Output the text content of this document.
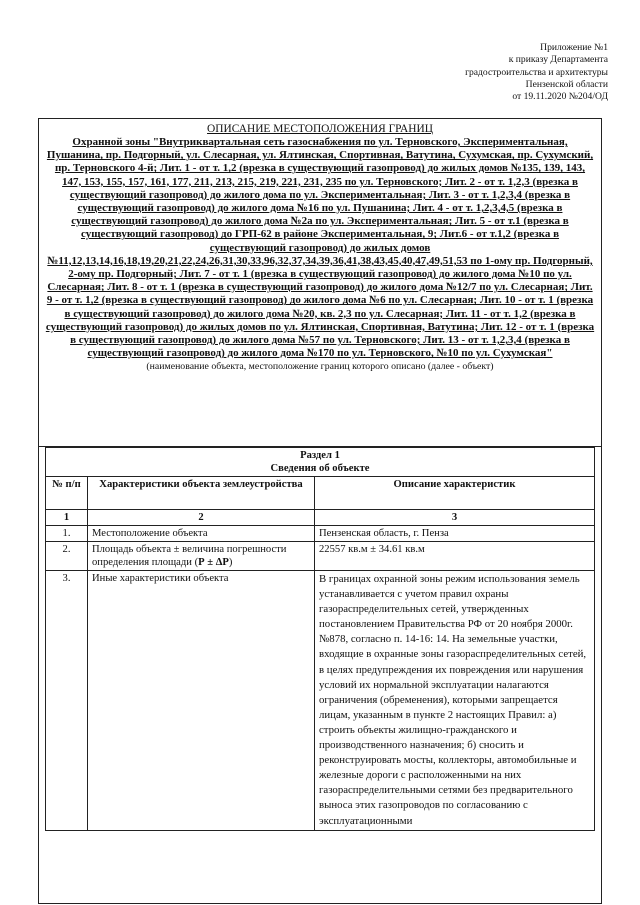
Приложение №1
к приказу Департамента
градостроительства и архитектуры
Пензенской области
от 19.11.2020 №204/ОД
ОПИСАНИЕ МЕСТОПОЛОЖЕНИЯ ГРАНИЦ
Охранной зоны "Внутриквартальная сеть газоснабжения по ул. Терновского, Экспериментальная, Пушанина, пр. Подгорный, ул. Слесарная, ул. Ялтинская, Спортивная, Ватутина, Сухумская, пр. Сухумский, пр. Терновского 4-й; Лит. 1 - от т. 1,2 (врезка в существующий газопровод) до жилых домов №135, 139, 143, 147, 153, 155, 157, 161, 177, 211, 213, 215, 219, 221, 231, 235 по ул. Терновского; Лит. 2 - от т. 1,2,3 (врезка в существующий газопровод) до жилого дома по ул. Экспериментальная; Лит. 3 - от т. 1,2,3,4 (врезка в существующий газопровод) до жилого дома №16 по ул. Пушанина; Лит. 4 - от т. 1,2,3,4,5 (врезка в существующий газопровод) до жилого дома №2а по ул. Экспериментальная; Лит. 5 - от т.1 (врезка в существующий газопровод) до ГРП-62 в районе Экспериментальная, 9; Лит.6 - от т.1,2 (врезка в существующий газопровод) до жилых домов №11,12,13,14,16,18,19,20,21,22,24,26,31,30,33,96,32,37,34,39,36,41,38,43,45,40,47,49,51,53 по 1-ому пр. Подгорный, 2-ому пр. Подгорный; Лит. 7 - от т. 1 (врезка в существующий газопровод) до жилого дома №10 по ул. Слесарная; Лит. 8 - от т. 1 (врезка в существующий газопровод) до жилого дома №12/7 по ул. Слесарная; Лит. 9 - от т. 1,2 (врезка в существующий газопровод) до жилого дома №6 по ул. Слесарная; Лит. 10 - от т. 1 (врезка в существующий газопровод) до жилого дома №20, кв. 2,3 по ул. Слесарная; Лит. 11 - от т. 1,2 (врезка в существующий газопровод) до жилых домов по ул. Ялтинская, Спортивная, Ватутина; Лит. 12 - от т. 1 (врезка в существующий газопровод) до жилого дома №57 по ул. Терновского; Лит. 13 - от т. 1,2,3,4 (врезка в существующий газопровод) до жилого дома №170 по ул. Терновского, №10 по ул. Сухумская"
(наименование объекта, местоположение границ которого описано (далее - объект)
Раздел 1
Сведения об объекте		

№ п/п	Характеристики объекта землеустройства	Описание характеристик
1	2	3
1.	Местоположение объекта	Пензенская область, г. Пенза
2.	Площадь объекта ± величина погрешности определения площади (Р ± ΔР)	22557 кв.м ± 34.61 кв.м
3.	Иные характеристики объекта	В границах охранной зоны режим использования земель устанавливается с учетом правил охраны газораспределительных сетей, утвержденных постановлением Правительства РФ от 20 ноября 2000г. №878, согласно п. 14-16: 14. На земельные участки, входящие в охранные зоны газораспределительных сетей, в целях предупреждения их повреждения или нарушения условий их нормальной эксплуатации налагаются ограничения (обременения), которыми запрещается лицам, указанным в пункте 2 настоящих Правил: а) строить объекты жилищно-гражданского и производственного назначения; б) сносить и реконструировать мосты, коллекторы, автомобильные и железные дороги с расположенными на них газораспределительными сетями без предварительного выноса этих газопроводов по согласованию с эксплуатационными
